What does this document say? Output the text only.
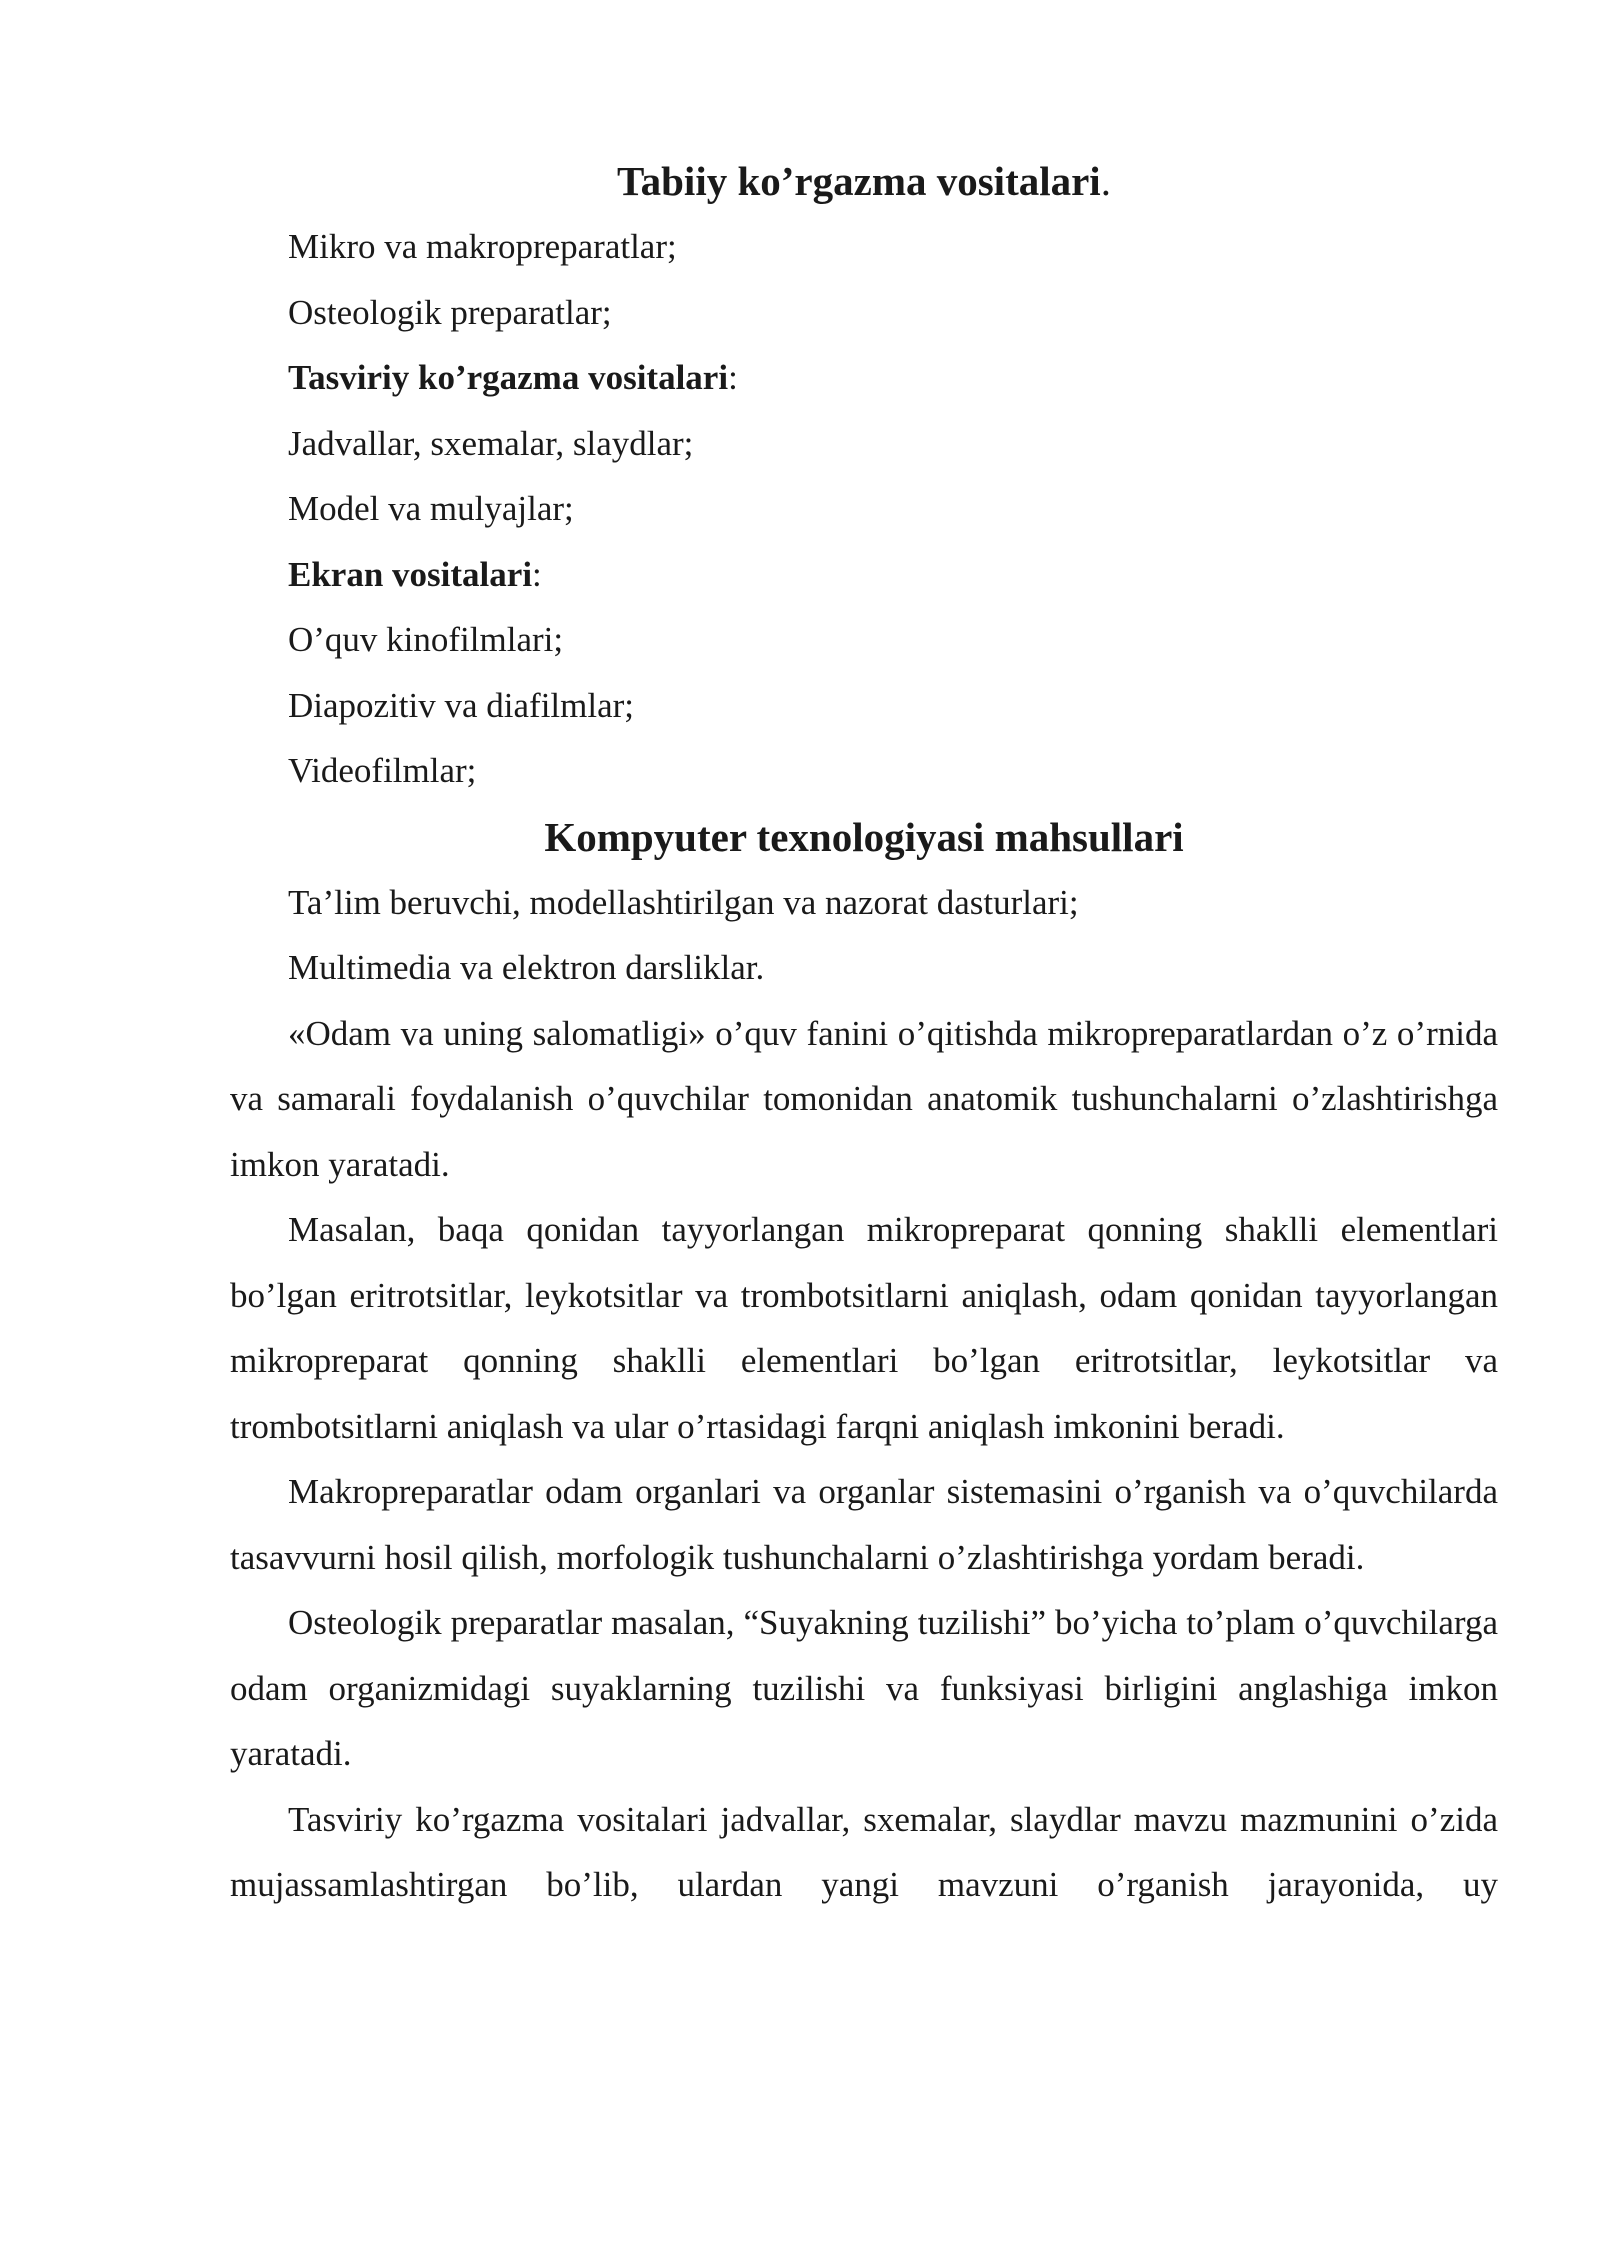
Tabiiy ko’rgazma vositalari.

Mikro va makropreparatlar;

Osteologik preparatlar;

Tasviriy ko’rgazma vositalari:

Jadvallar, sxemalar, slaydlar;

Model va mulyajlar;

Ekran vositalari:

O’quv kinofilmlari;

Diapozitiv va diafilmlar;

Videofilmlar;

Kompyuter texnologiyasi mahsullari

Ta’lim beruvchi, modellashtirilgan va nazorat dasturlari;

Multimedia va elektron darsliklar.

«Odam va uning salomatligi» o’quv fanini o’qitishda mikropreparatlardan o’z o’rnida va samarali foydalanish o’quvchilar tomonidan anatomik tushunchalarni o’zlashtirishga imkon yaratadi.

Masalan, baqa qonidan tayyorlangan mikropreparat qonning shaklli elementlari bo’lgan eritrotsitlar, leykotsitlar va trombotsitlarni aniqlash, odam qonidan tayyorlangan mikropreparat qonning shaklli elementlari bo’lgan eritrotsitlar, leykotsitlar va trombotsitlarni aniqlash va ular o’rtasidagi farqni aniqlash imkonini beradi.

Makropreparatlar odam organlari va organlar sistemasini o’rganish va o’quvchilarda tasavvurni hosil qilish, morfologik tushunchalarni o’zlashtirishga yordam beradi.

Osteologik preparatlar masalan, “Suyakning tuzilishi” bo’yicha to’plam o’quvchilarga odam organizmidagi suyaklarning tuzilishi va funksiyasi birligini anglashiga imkon yaratadi.

Tasviriy ko’rgazma vositalari jadvallar, sxemalar, slaydlar mavzu mazmunini o’zida mujassamlashtirgan bo’lib, ulardan yangi mavzuni o’rganish jarayonida, uy
